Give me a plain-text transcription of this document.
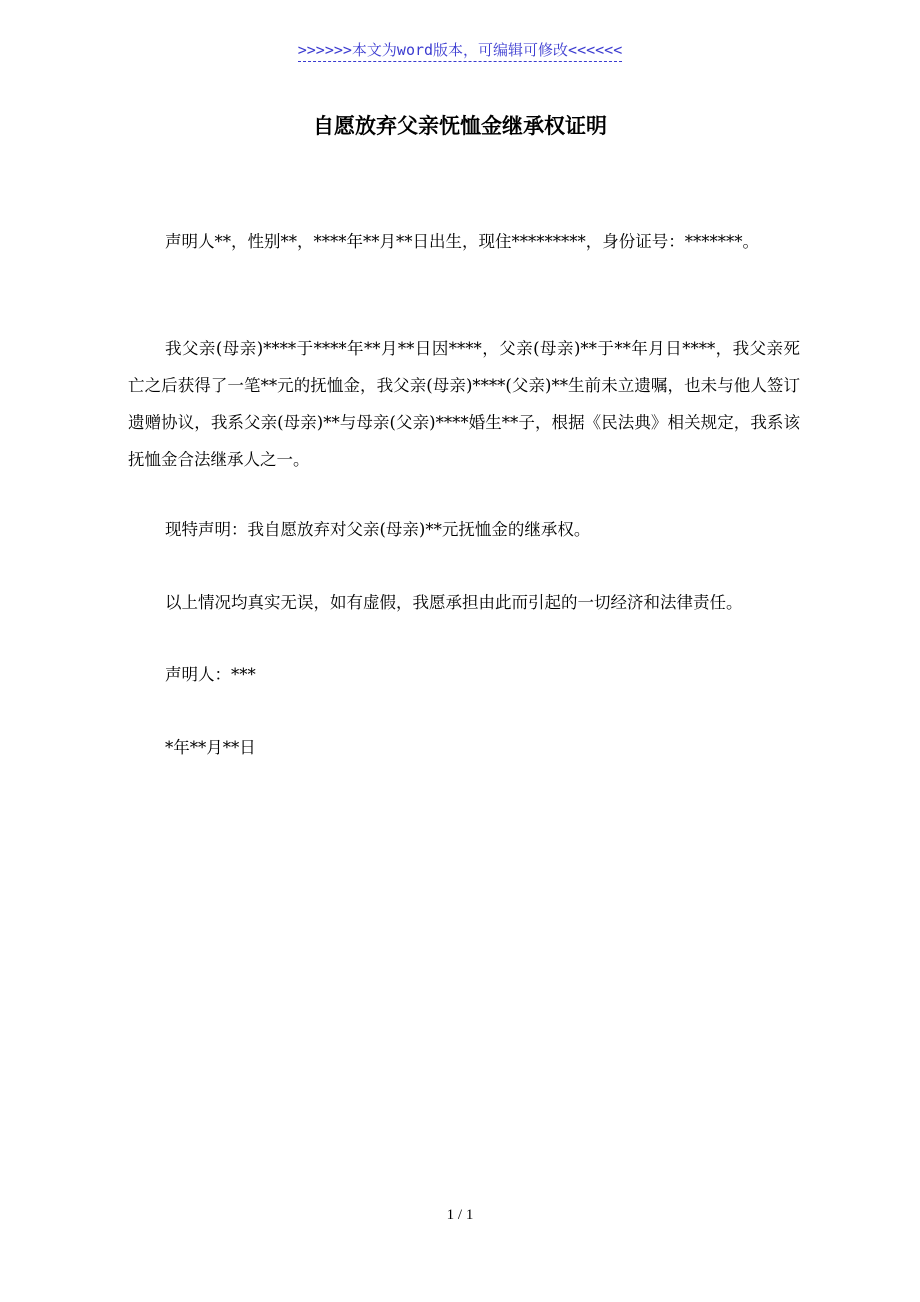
>>>>>>本文为word版本，可编辑可修改<<<<<<
自愿放弃父亲怃恤金继承权证明

声明人**，性别**，****年**月**日出生，现住*********，身份证号：*******。

我父亲(母亲)****于****年**月**日因****，父亲(母亲)**于**年月日****，我父亲死亡之后获得了一笔**元的抚恤金，我父亲(母亲)****(父亲)**生前未立遗嘱，也未与他人签订遗赠协议，我系父亲(母亲)**与母亲(父亲)****婚生**子，根据《民法典》相关规定，我系该抚恤金合法继承人之一。

现特声明：我自愿放弃对父亲(母亲)**元抚恤金的继承权。

以上情况均真实无误，如有虚假，我愿承担由此而引起的一切经济和法律责任。

声明人：***

*年**月**日

1 / 1
